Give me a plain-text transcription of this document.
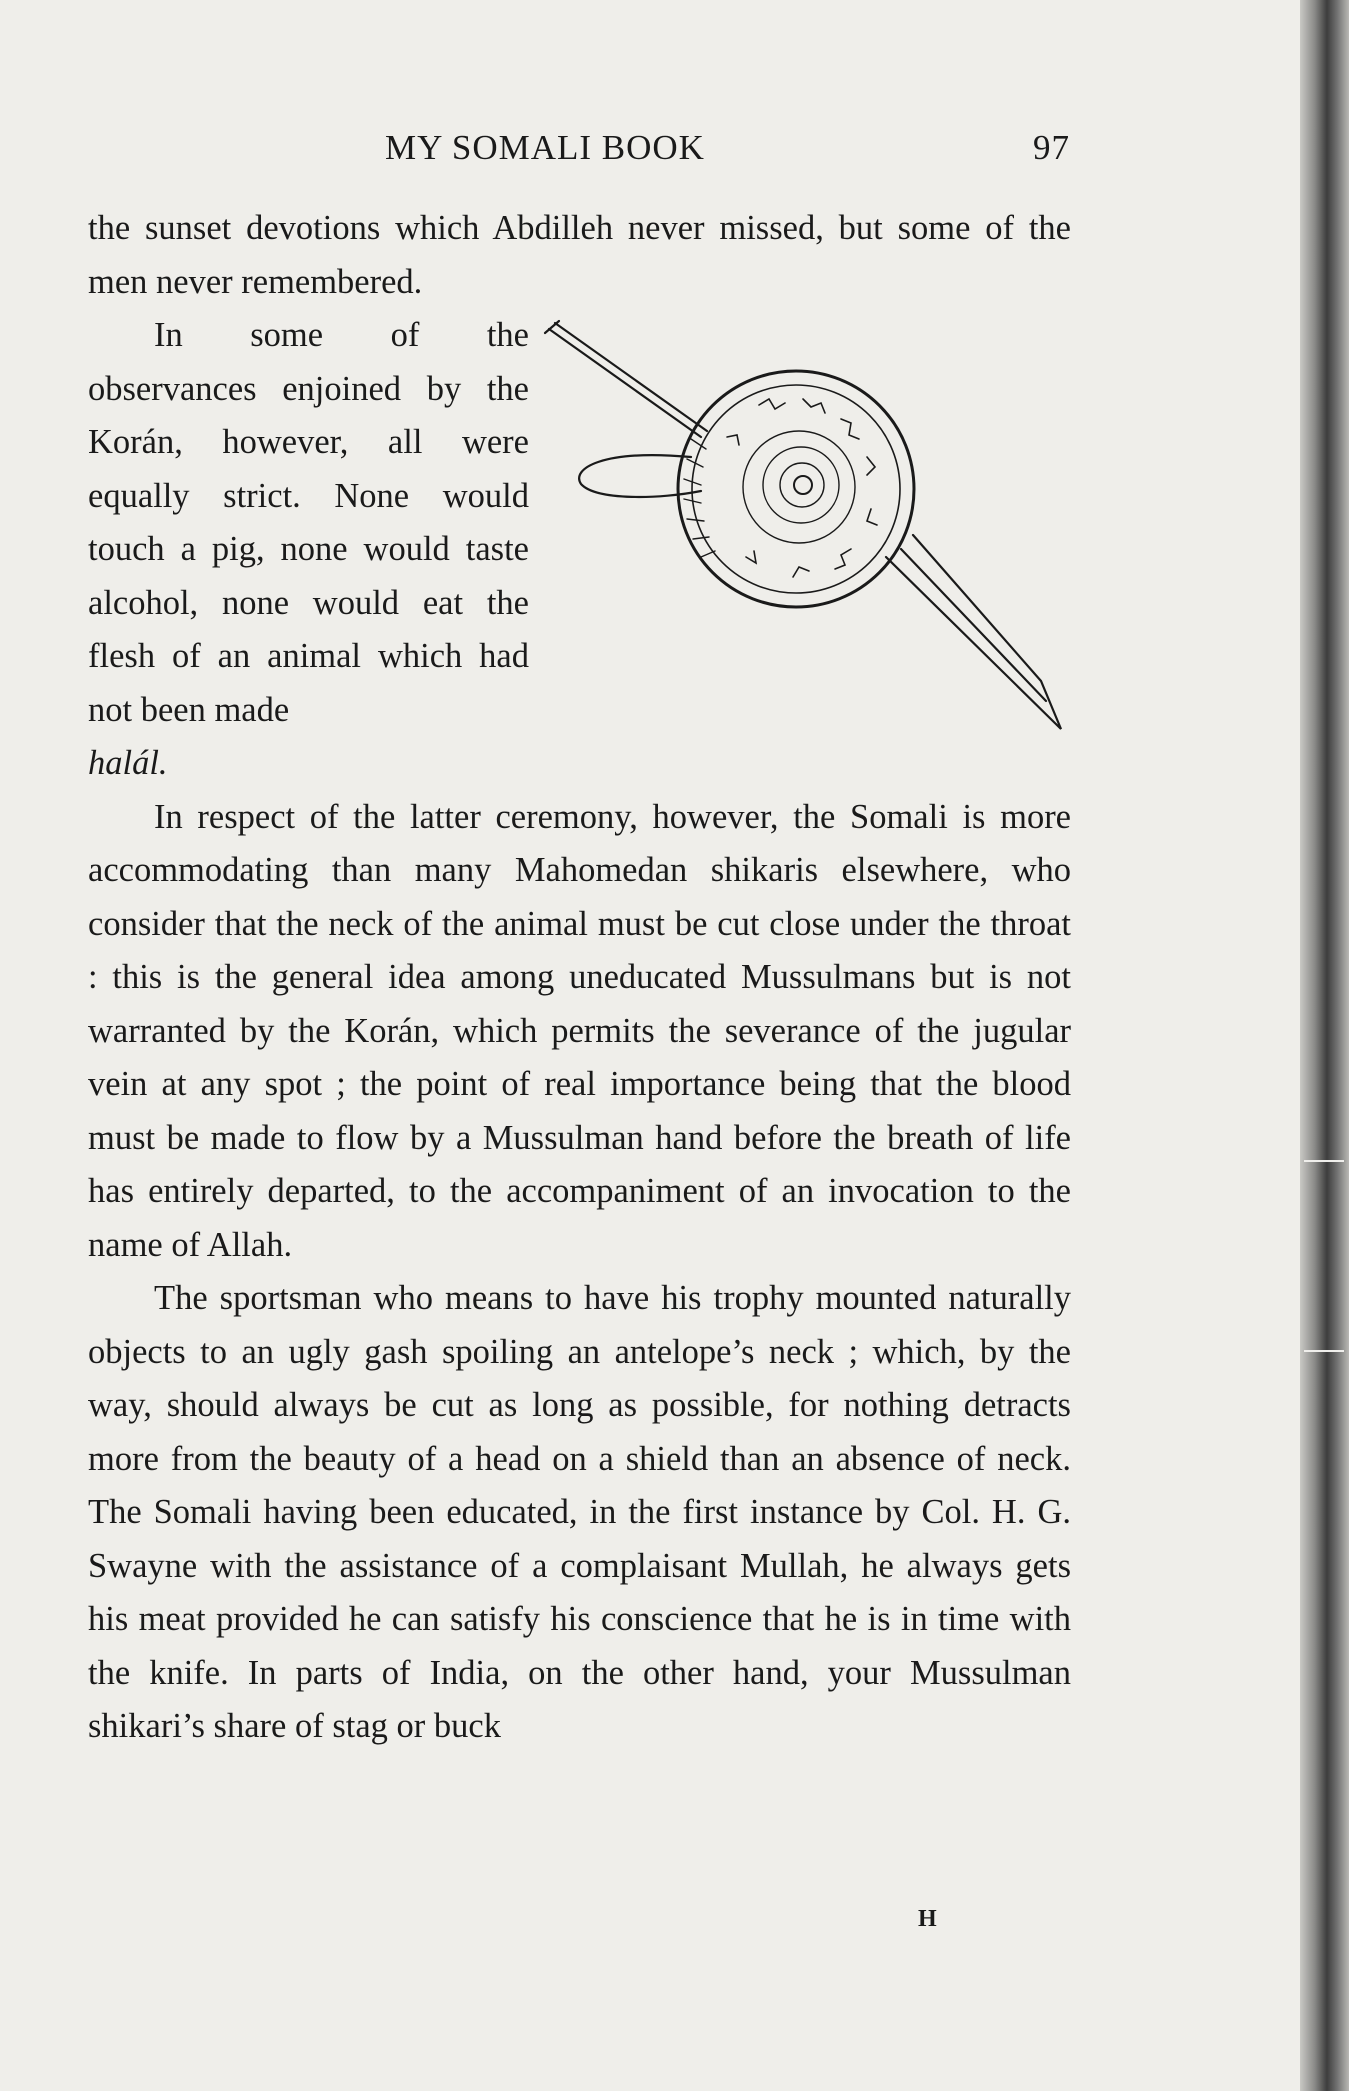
MY SOMALI BOOK	97

the sunset devotions which Abdilleh never missed, but some of the men never remembered.

In some of the observances enjoined by the Korán, however, all were equally strict. None would touch a pig, none would taste alcohol, none would eat the flesh of an animal which had not been made

halál.

In respect of the latter ceremony, however, the Somali is more accommodating than many Mahomedan shikaris elsewhere, who consider that the neck of the animal must be cut close under the throat : this is the general idea among uneducated Mussulmans but is not warranted by the Korán, which permits the severance of the jugular vein at any spot ; the point of real importance being that the blood must be made to flow by a Mussulman hand before the breath of life has entirely departed, to the accompaniment of an invocation to the name of Allah.

The sportsman who means to have his trophy mounted naturally objects to an ugly gash spoiling an antelope’s neck ; which, by the way, should always be cut as long as possible, for nothing detracts more from the beauty of a head on a shield than an absence of neck. The Somali having been educated, in the first instance by Col. H. G. Swayne with the assistance of a complaisant Mullah, he always gets his meat provided he can satisfy his conscience that he is in time with the knife. In parts of India, on the other hand, your Mussulman shikari’s share of stag or buck

H
